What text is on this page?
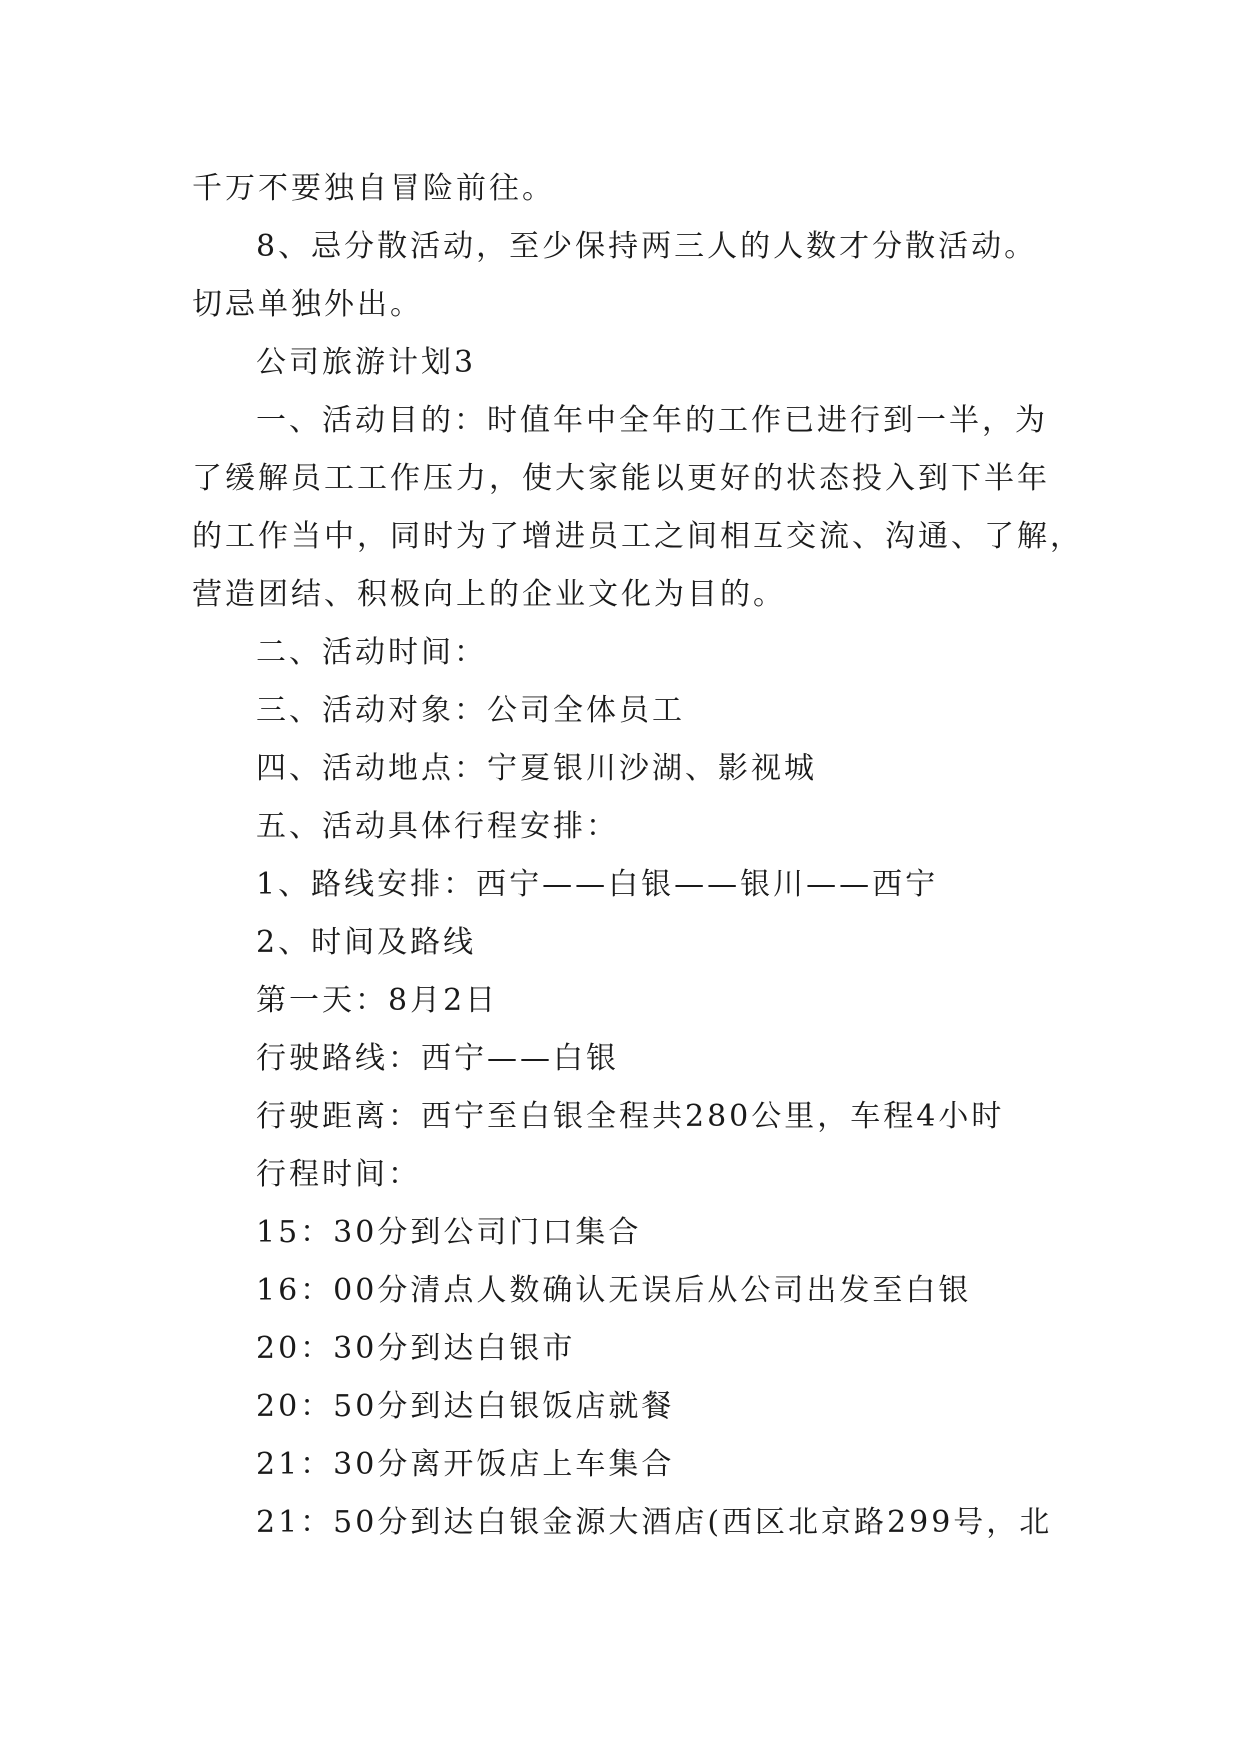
千万不要独自冒险前往。
8、忌分散活动，至少保持两三人的人数才分散活动。
切忌单独外出。
公司旅游计划3
一、活动目的：时值年中全年的工作已进行到一半，为
了缓解员工工作压力，使大家能以更好的状态投入到下半年
的工作当中，同时为了增进员工之间相互交流、沟通、了解，
营造团结、积极向上的企业文化为目的。
二、活动时间：
三、活动对象：公司全体员工
四、活动地点：宁夏银川沙湖、影视城
五、活动具体行程安排：
1、路线安排：西宁——白银——银川——西宁
2、时间及路线
第一天：8月2日
行驶路线：西宁——白银
行驶距离：西宁至白银全程共280公里，车程4小时
行程时间：
15：30分到公司门口集合
16：00分清点人数确认无误后从公司出发至白银
20：30分到达白银市
20：50分到达白银饭店就餐
21：30分离开饭店上车集合
21：50分到达白银金源大酒店(西区北京路299号，北
